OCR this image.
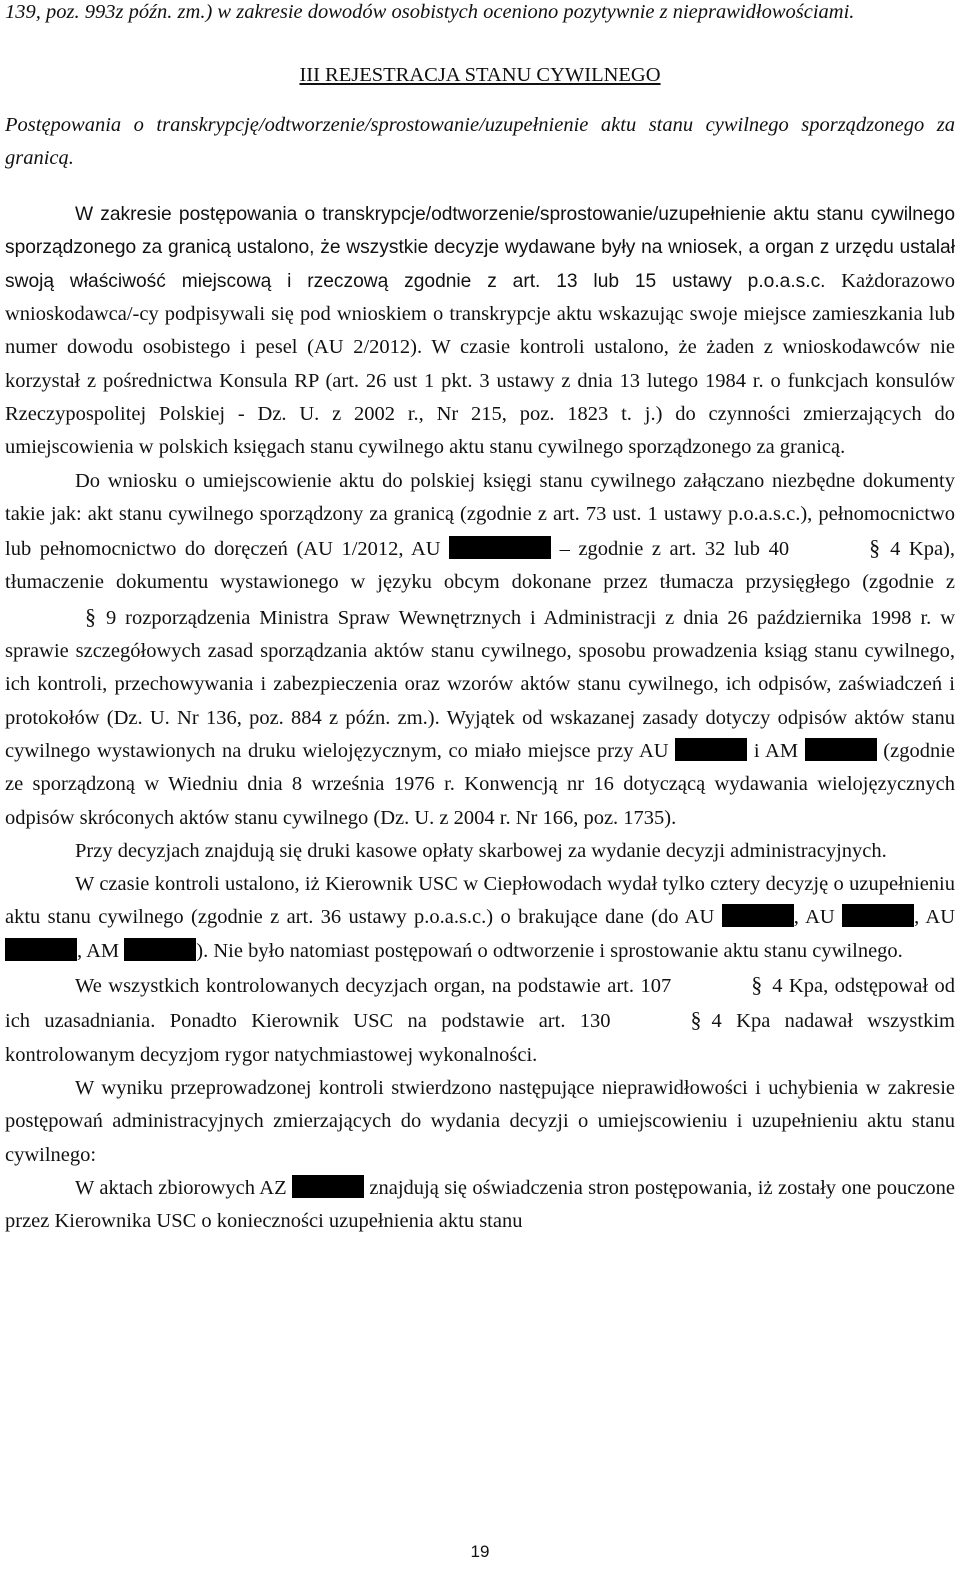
139, poz. 993z późn. zm.) w zakresie dowodów osobistych oceniono pozytywnie z nieprawidłowościami.

III REJESTRACJA STANU CYWILNEGO

Postępowania o transkrypcję/odtworzenie/sprostowanie/uzupełnienie aktu stanu cywilnego sporządzonego za granicą.

W zakresie postępowania o transkrypcje/odtworzenie/sprostowanie/uzupełnienie aktu stanu cywilnego sporządzonego za granicą ustalono, że wszystkie decyzje wydawane były na wniosek, a organ z urzędu ustalał swoją właściwość miejscową i rzeczową zgodnie z art. 13 lub 15 ustawy p.o.a.s.c. Każdorazowo wnioskodawca/-cy podpisywali się pod wnioskiem o transkrypcje aktu wskazując swoje miejsce zamieszkania lub numer dowodu osobistego i pesel (AU 2/2012). W czasie kontroli ustalono, że żaden z wnioskodawców nie korzystał z pośrednictwa Konsula RP (art. 26 ust 1 pkt. 3 ustawy z dnia 13 lutego 1984 r. o funkcjach konsulów Rzeczypospolitej Polskiej - Dz. U. z 2002 r., Nr 215, poz. 1823 t. j.) do czynności zmierzających do umiejscowienia w polskich księgach stanu cywilnego aktu stanu cywilnego sporządzonego za granicą.

Do wniosku o umiejscowienie aktu do polskiej księgi stanu cywilnego załączano niezbędne dokumenty takie jak: akt stanu cywilnego sporządzony za granicą (zgodnie z art. 73 ust. 1 ustawy p.o.a.s.c.), pełnomocnictwo lub pełnomocnictwo do doręczeń (AU 1/2012, AU	– zgodnie z art. 32 lub 40	§ 4 Kpa), tłumaczenie dokumentu wystawionego w języku obcym dokonane przez tłumacza przysięgłego (zgodnie z§ 9 rozporządzenia Ministra Spraw Wewnętrznych i Administracji z dnia 26 października 1998 r. w sprawie szczegółowych zasad sporządzania aktów stanu cywilnego, sposobu prowadzenia ksiąg stanu cywilnego, ich kontroli, przechowywania i zabezpieczenia oraz wzorów aktów stanu cywilnego, ich odpisów, zaświadczeń i protokołów (Dz. U. Nr 136, poz. 884 z późn. zm.). Wyjątek od wskazanej zasady dotyczy odpisów aktów stanu cywilnego wystawionych na druku wielojęzycznym, co miało miejsce przy AU	i AM	(zgodnie ze sporządzoną w Wiedniu dnia 8 września 1976 r. Konwencją nr 16 dotyczącą wydawania wielojęzycznych odpisów skróconych aktów stanu cywilnego (Dz. U. z 2004 r. Nr 166, poz. 1735).

Przy decyzjach znajdują się druki kasowe opłaty skarbowej za wydanie decyzji administracyjnych.

W czasie kontroli ustalono, iż Kierownik USC w Ciepłowodach wydał tylko cztery decyzję o uzupełnieniu aktu stanu cywilnego (zgodnie z art. 36 ustawy p.o.a.s.c.) o brakujące dane (do AU	, AU	, AU , AM	). Nie było natomiast postępowań o odtworzenie i sprostowanie aktu stanu cywilnego.

We wszystkich kontrolowanych decyzjach organ, na podstawie art. 107	§ 4 Kpa, odstępował od ich uzasadniania. Ponadto Kierownik USC na podstawie art. 130	§ 4 Kpa nadawał wszystkim kontrolowanym decyzjom rygor natychmiastowej wykonalności.

W wyniku przeprowadzonej kontroli stwierdzono następujące nieprawidłowości i uchybienia w zakresie postępowań administracyjnych zmierzających do wydania decyzji o umiejscowieniu i uzupełnieniu aktu stanu cywilnego:

W aktach zbiorowych AZ	znajdują się oświadczenia stron postępowania, iż zostały one pouczone przez Kierownika USC o konieczności uzupełnienia aktu stanu

19
